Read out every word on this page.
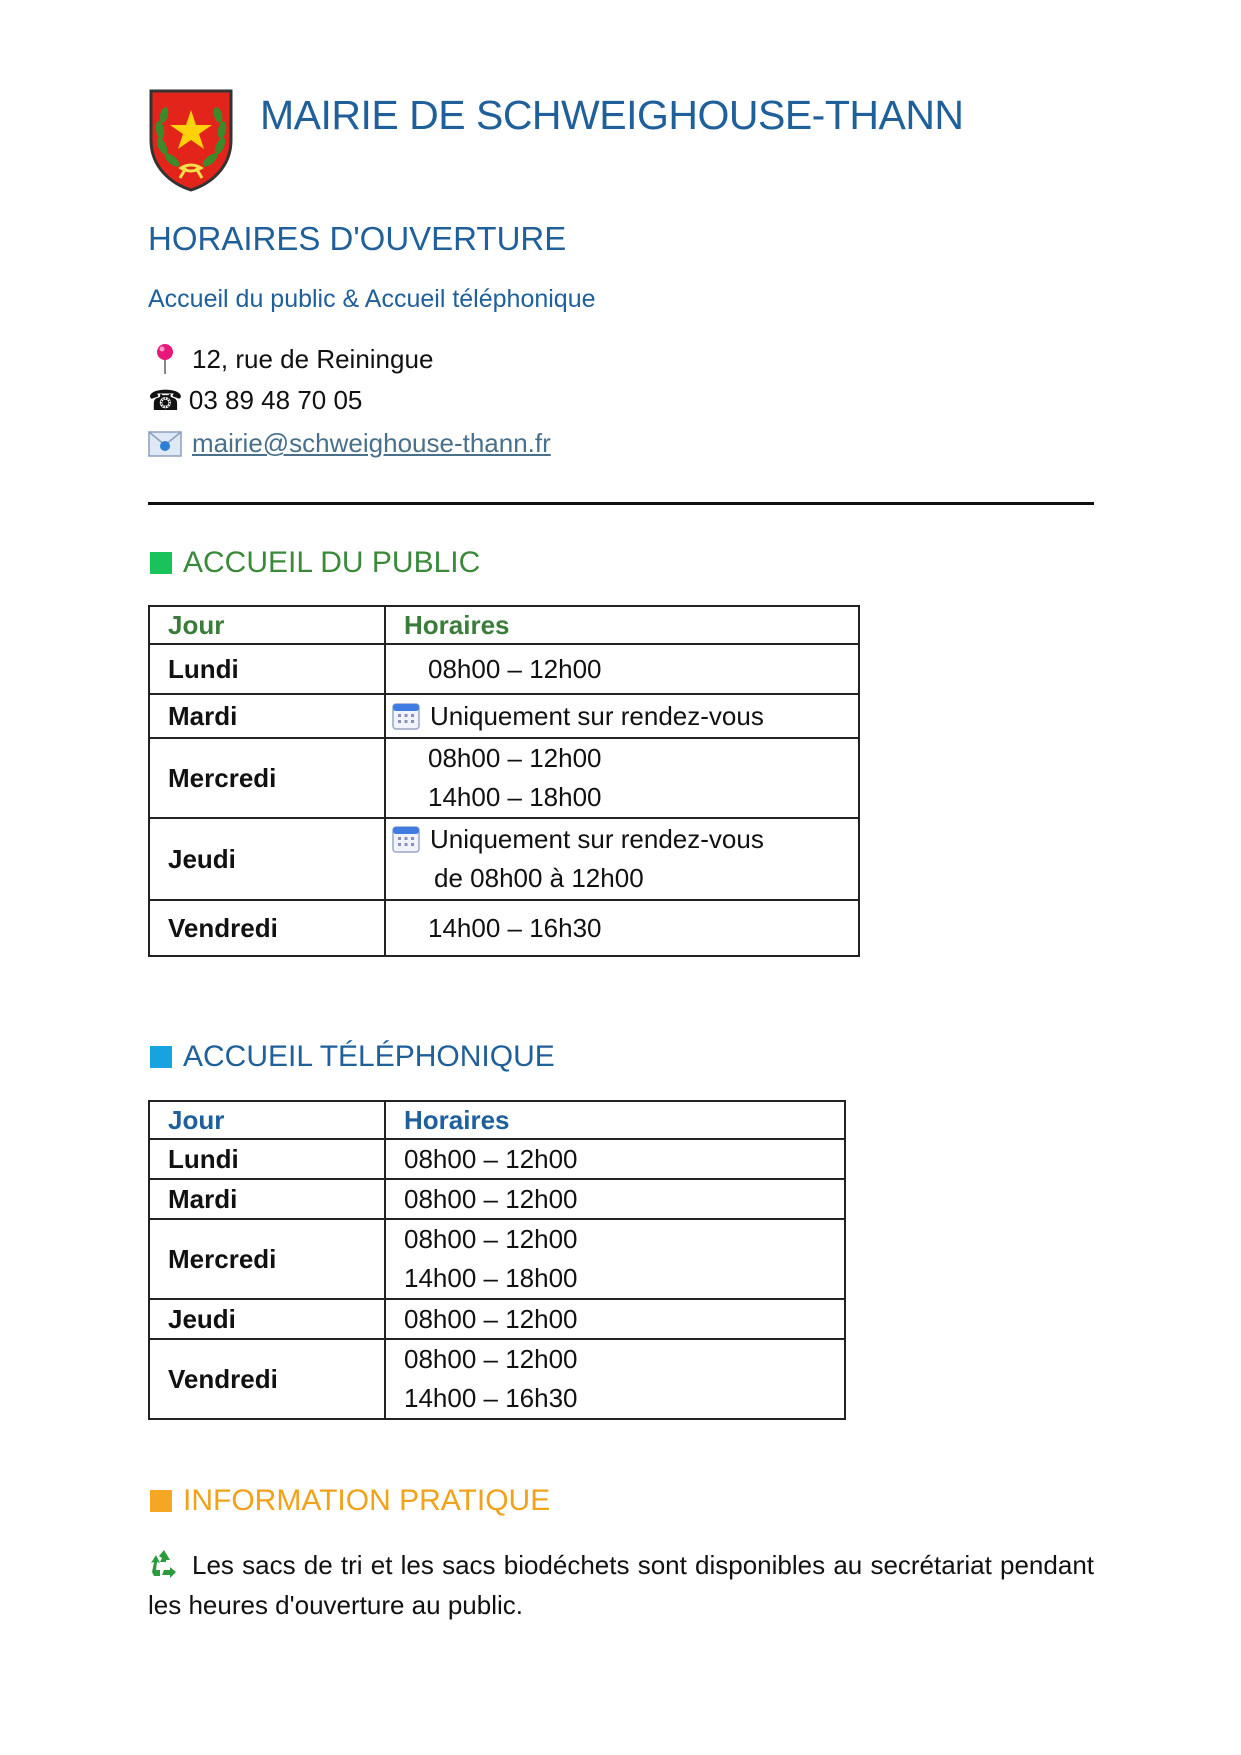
MAIRIE DE SCHWEIGHOUSE-THANN
HORAIRES D'OUVERTURE
Accueil du public & Accueil téléphonique
12, rue de Reiningue
☎ 03 89 48 70 05
mairie@schweighouse-thann.fr
ACCUEIL DU PUBLIC
Jour	Horaires
Lundi	08h00 – 12h00
Mardi	Uniquement sur rendez-vous
Mercredi	08h00 – 12h00
14h00 – 18h00

Jeudi	Uniquement sur rendez-vous
de 08h00 à 12h00

Vendredi	14h00 – 16h30
ACCUEIL TÉLÉPHONIQUE
Jour	Horaires
Lundi	08h00 – 12h00
Mardi	08h00 – 12h00
Mercredi	08h00 – 12h00
14h00 – 18h00

Jeudi	08h00 – 12h00
Vendredi	08h00 – 12h00
14h00 – 16h30
INFORMATION PRATIQUE
Les sacs de tri et les sacs biodéchets sont disponibles au secrétariat pendant les heures d'ouverture au public.
